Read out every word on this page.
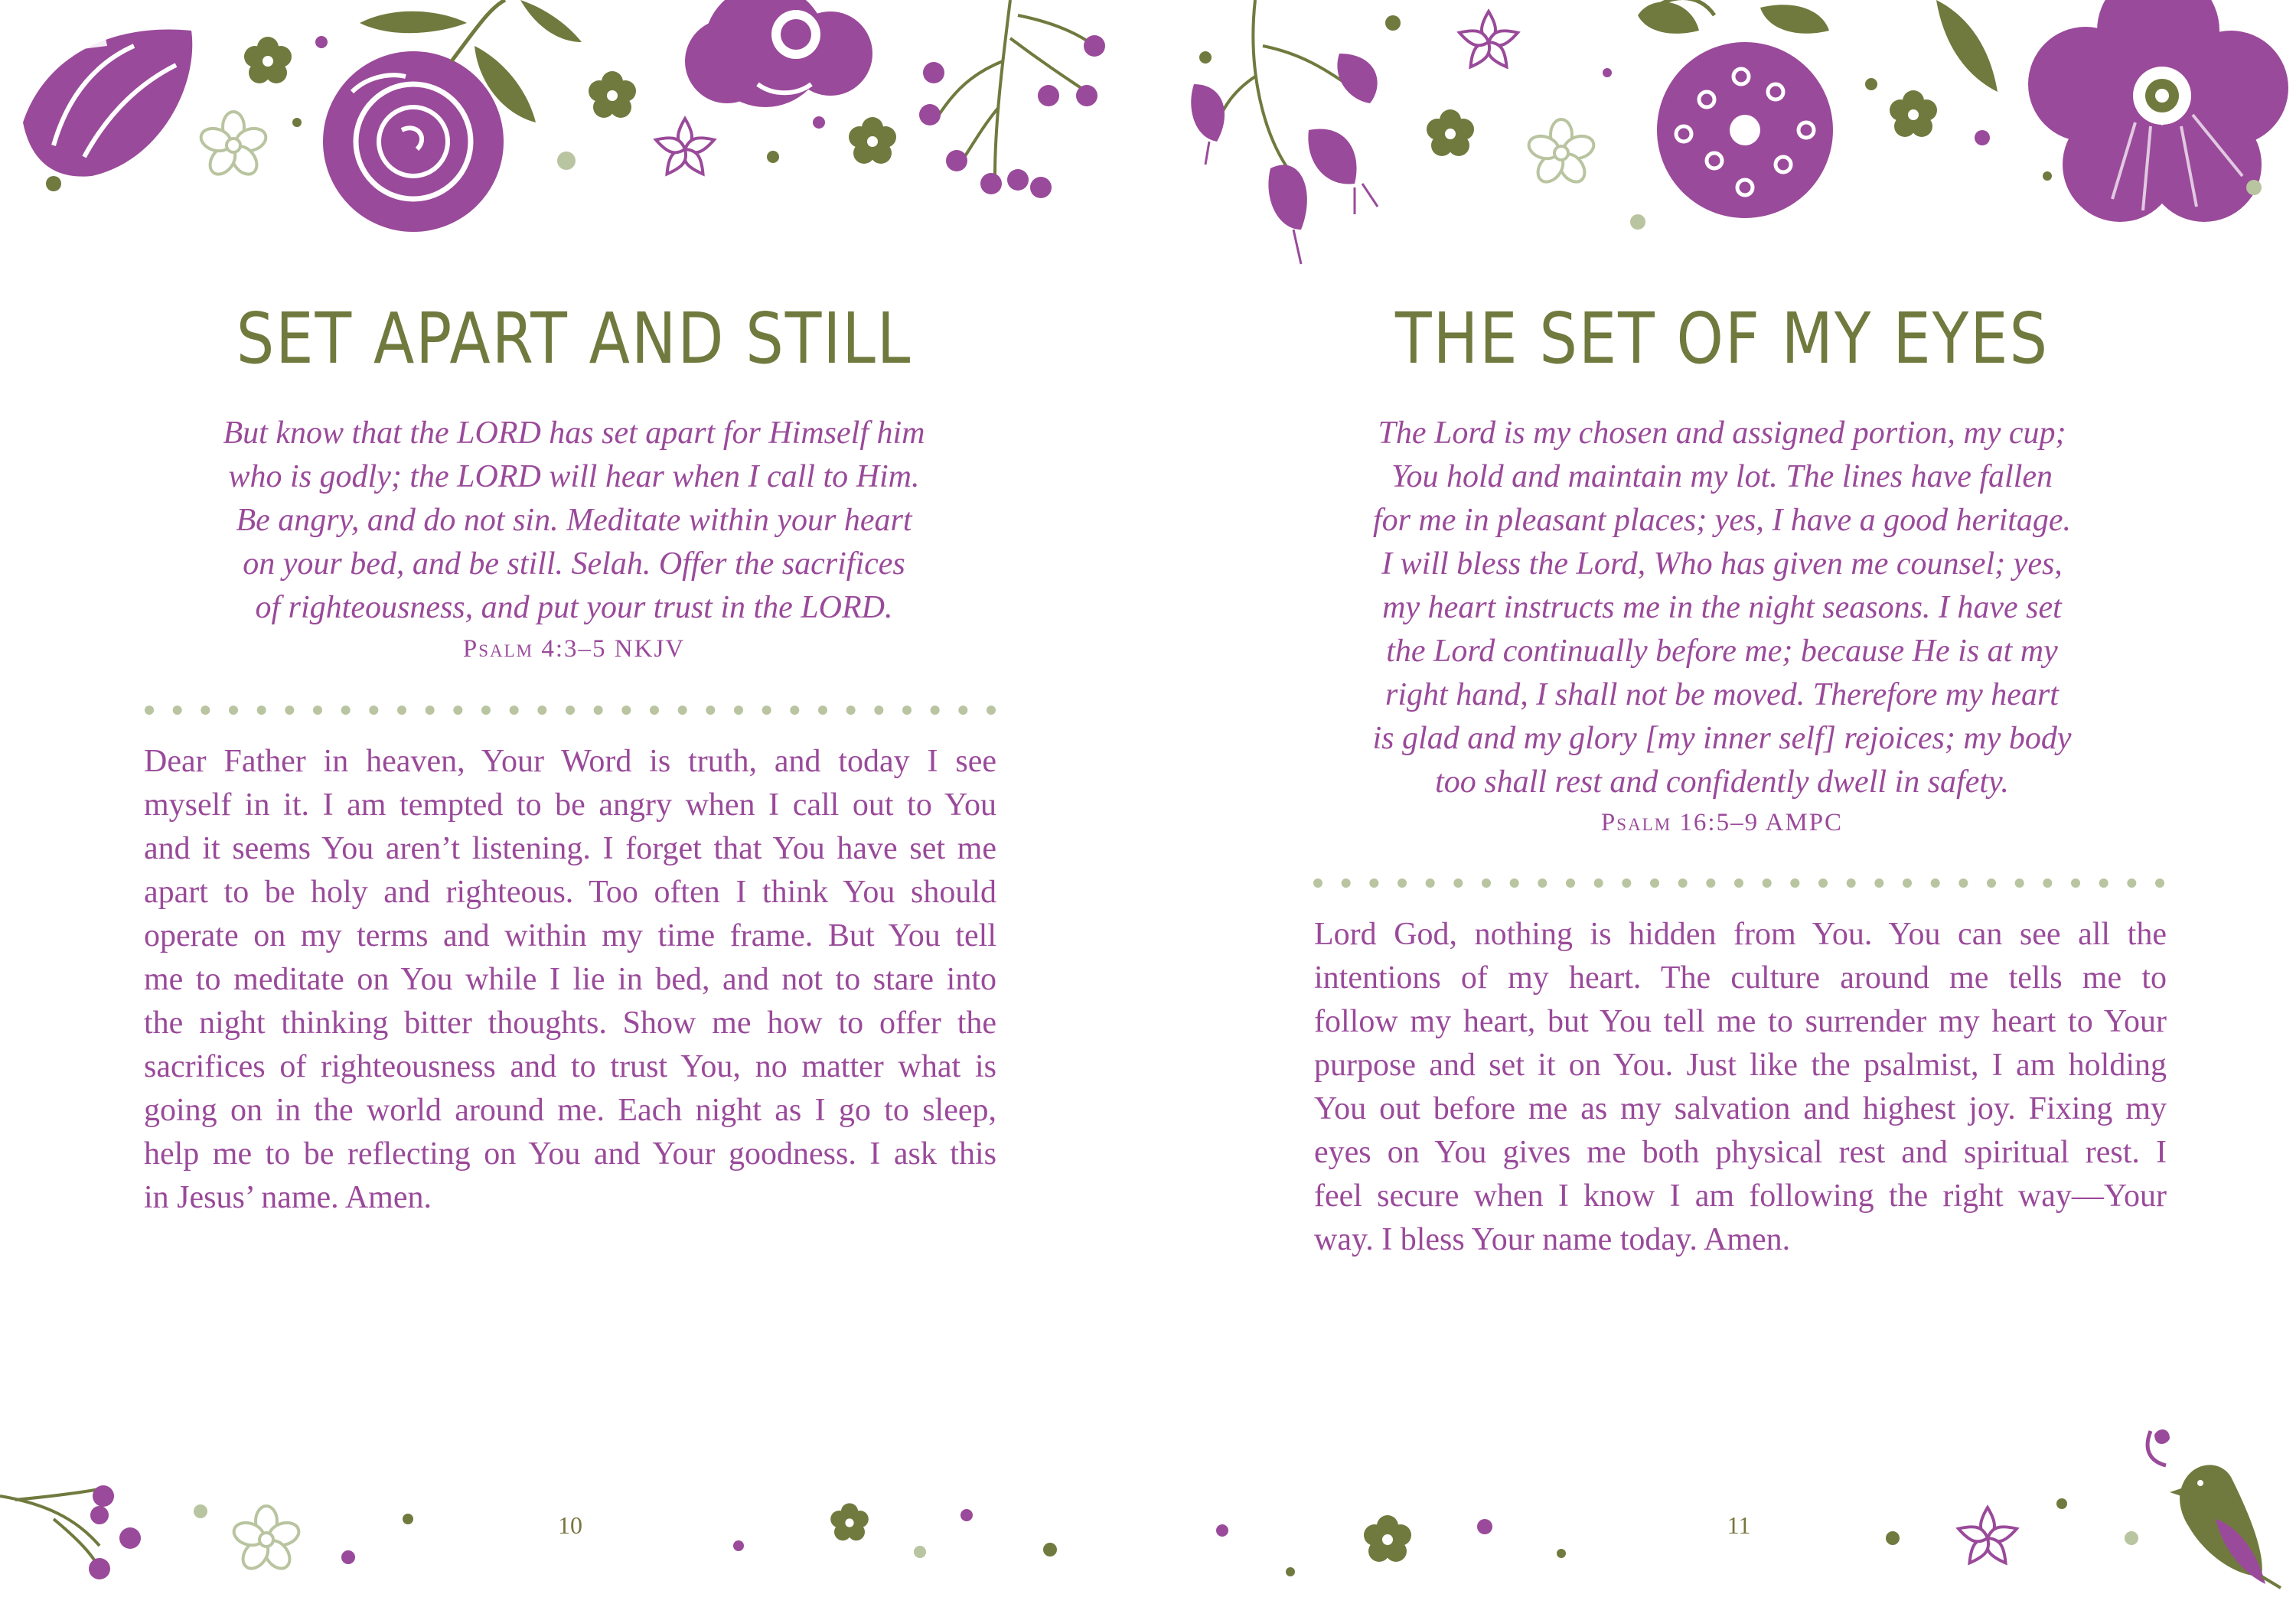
SET APART AND STILL
But know that the LORD has set apart for Himself him
who is godly; the LORD will hear when I call to Him.
Be angry, and do not sin. Meditate within your heart
on your bed, and be still. Selah. Offer the sacrifices
of righteousness, and put your trust in the LORD.
Psalm 4:3–5 NKJV
Dear Father in heaven, Your Word is truth, and today I see
myself in it. I am tempted to be angry when I call out to You
and it seems You aren’t listening. I forget that You have set me
apart to be holy and righteous. Too often I think You should
operate on my terms and within my time frame. But You tell
me to meditate on You while I lie in bed, and not to stare into
the night thinking bitter thoughts. Show me how to offer the
sacrifices of righteousness and to trust You, no matter what is
going on in the world around me. Each night as I go to sleep,
help me to be reflecting on You and Your goodness. I ask this
in Jesus’ name. Amen.
10
THE SET OF MY EYES
The Lord is my chosen and assigned portion, my cup;
You hold and maintain my lot. The lines have fallen
for me in pleasant places; yes, I have a good heritage.
I will bless the Lord, Who has given me counsel; yes,
my heart instructs me in the night seasons. I have set
the Lord continually before me; because He is at my
right hand, I shall not be moved. Therefore my heart
is glad and my glory [my inner self] rejoices; my body
too shall rest and confidently dwell in safety.
Psalm 16:5–9 AMPC
Lord God, nothing is hidden from You. You can see all the
intentions of my heart. The culture around me tells me to
follow my heart, but You tell me to surrender my heart to Your
purpose and set it on You. Just like the psalmist, I am holding
You out before me as my salvation and highest joy. Fixing my
eyes on You gives me both physical rest and spiritual rest. I
feel secure when I know I am following the right way—Your
way. I bless Your name today. Amen.
11
